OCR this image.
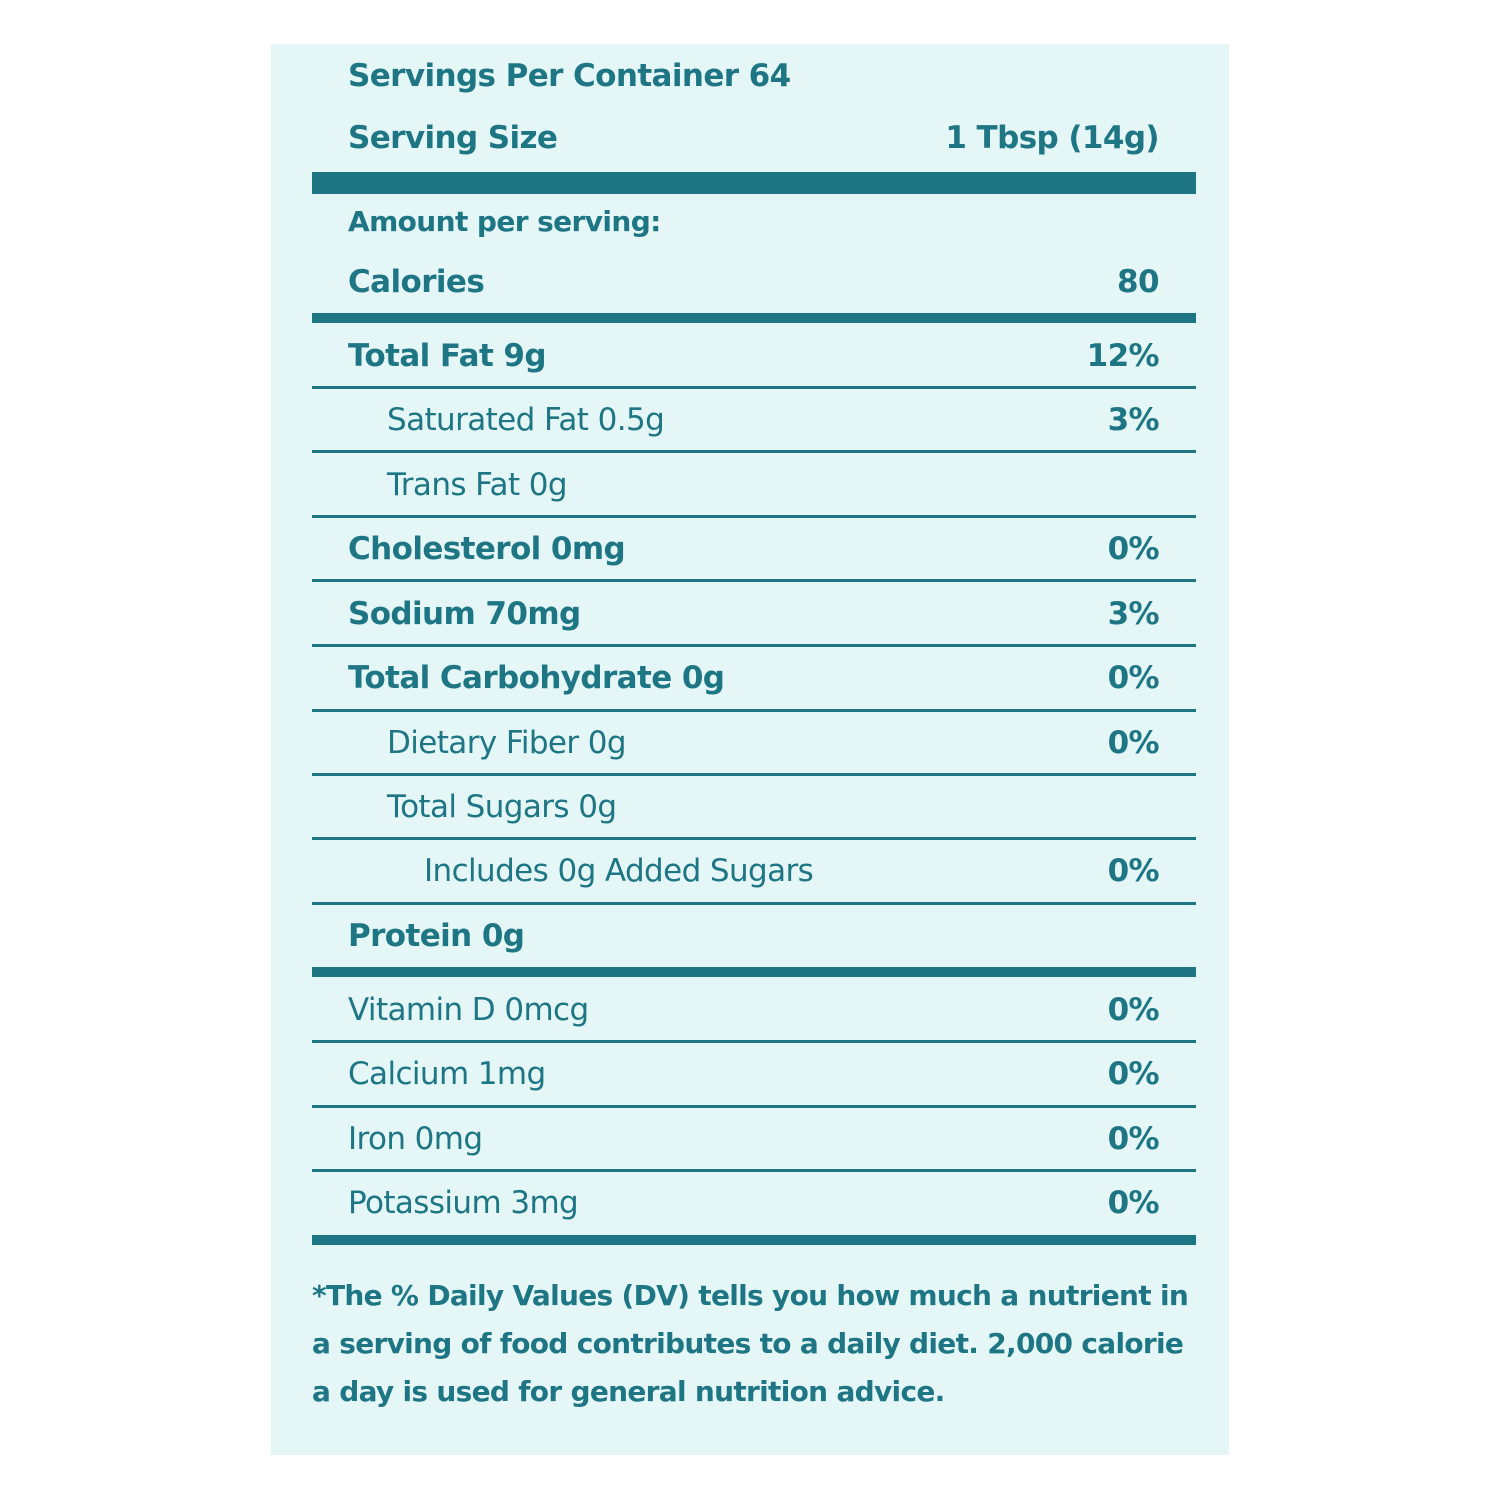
Servings Per Container 64
Serving Size	1 Tbsp (14g)
Amount per serving:
Calories	80
Total Fat 9g	12%
Saturated Fat 0.5g	3%
Trans Fat 0g
Cholesterol 0mg	0%
Sodium 70mg	3%
Total Carbohydrate 0g	0%
Dietary Fiber 0g	0%
Total Sugars 0g
Includes 0g Added Sugars	0%
Protein 0g
Vitamin D 0mcg	0%
Calcium 1mg	0%
Iron 0mg	0%
Potassium 3mg	0%
*The % Daily Values (DV) tells you how much a nutrient in a serving of food contributes to a daily diet. 2,000 calorie a day is used for general nutrition advice.
